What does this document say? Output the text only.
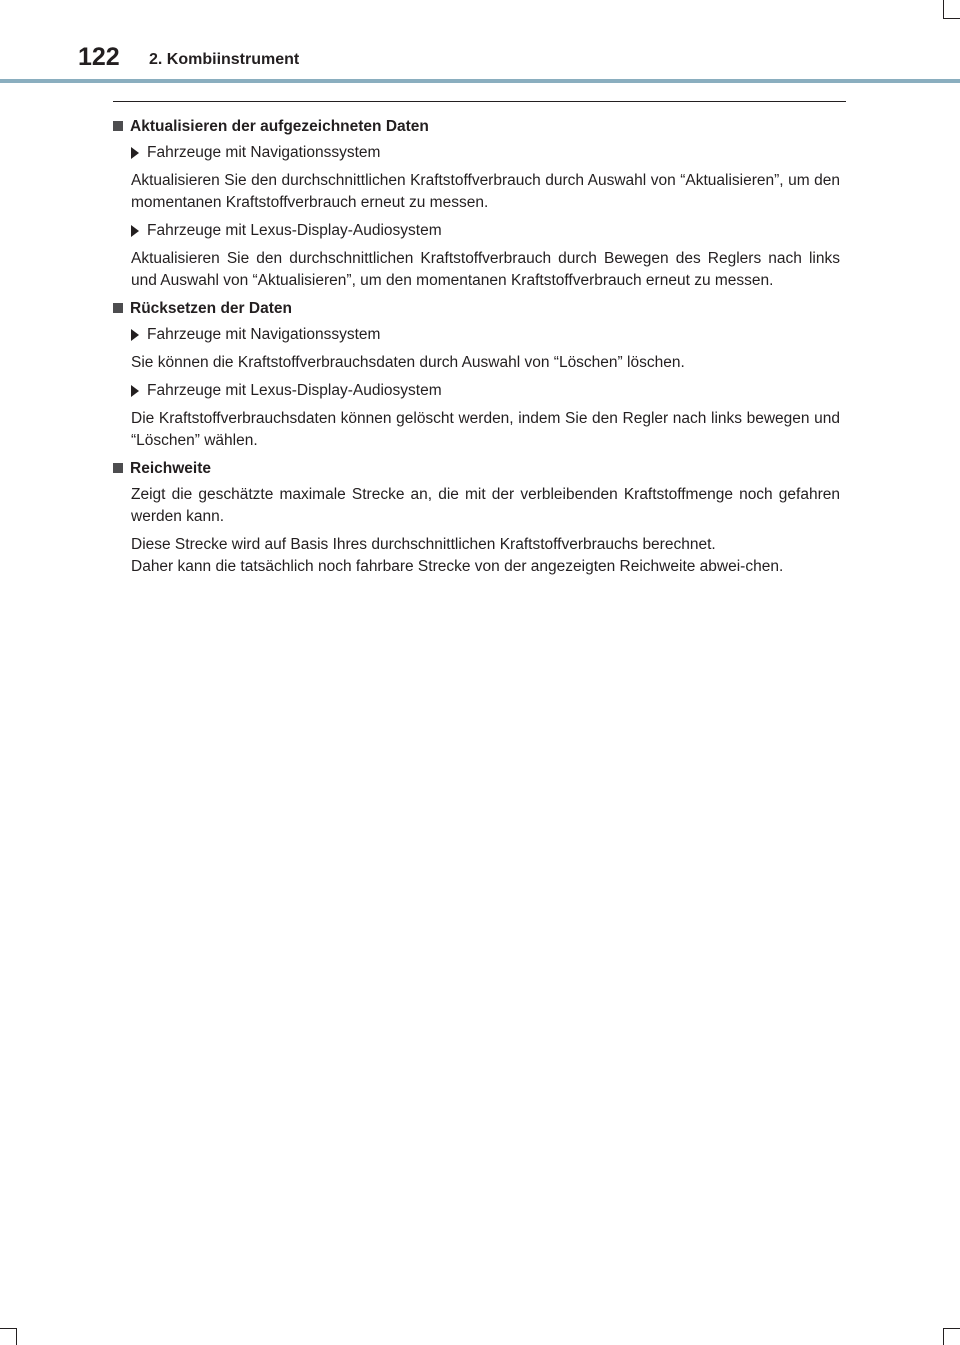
122 2. Kombiinstrument
Aktualisieren der aufgezeichneten Daten
Fahrzeuge mit Navigationssystem

Aktualisieren Sie den durchschnittlichen Kraftstoffverbrauch durch Auswahl von “Aktualisieren”, um den momentanen Kraftstoffverbrauch erneut zu messen.

Fahrzeuge mit Lexus-Display-Audiosystem

Aktualisieren Sie den durchschnittlichen Kraftstoffverbrauch durch Bewegen des Reglers nach links und Auswahl von “Aktualisieren”, um den momentanen Kraftstoffverbrauch erneut zu messen.

Rücksetzen der Daten
Fahrzeuge mit Navigationssystem

Sie können die Kraftstoffverbrauchsdaten durch Auswahl von “Löschen” löschen.

Fahrzeuge mit Lexus-Display-Audiosystem

Die Kraftstoffverbrauchsdaten können gelöscht werden, indem Sie den Regler nach links bewegen und “Löschen” wählen.

Reichweite

Zeigt die geschätzte maximale Strecke an, die mit der verbleibenden Kraftstoffmenge noch gefahren werden kann.

Diese Strecke wird auf Basis Ihres durchschnittlichen Kraftstoffverbrauchs berechnet.

Daher kann die tatsächlich noch fahrbare Strecke von der angezeigten Reichweite abwei-chen.
